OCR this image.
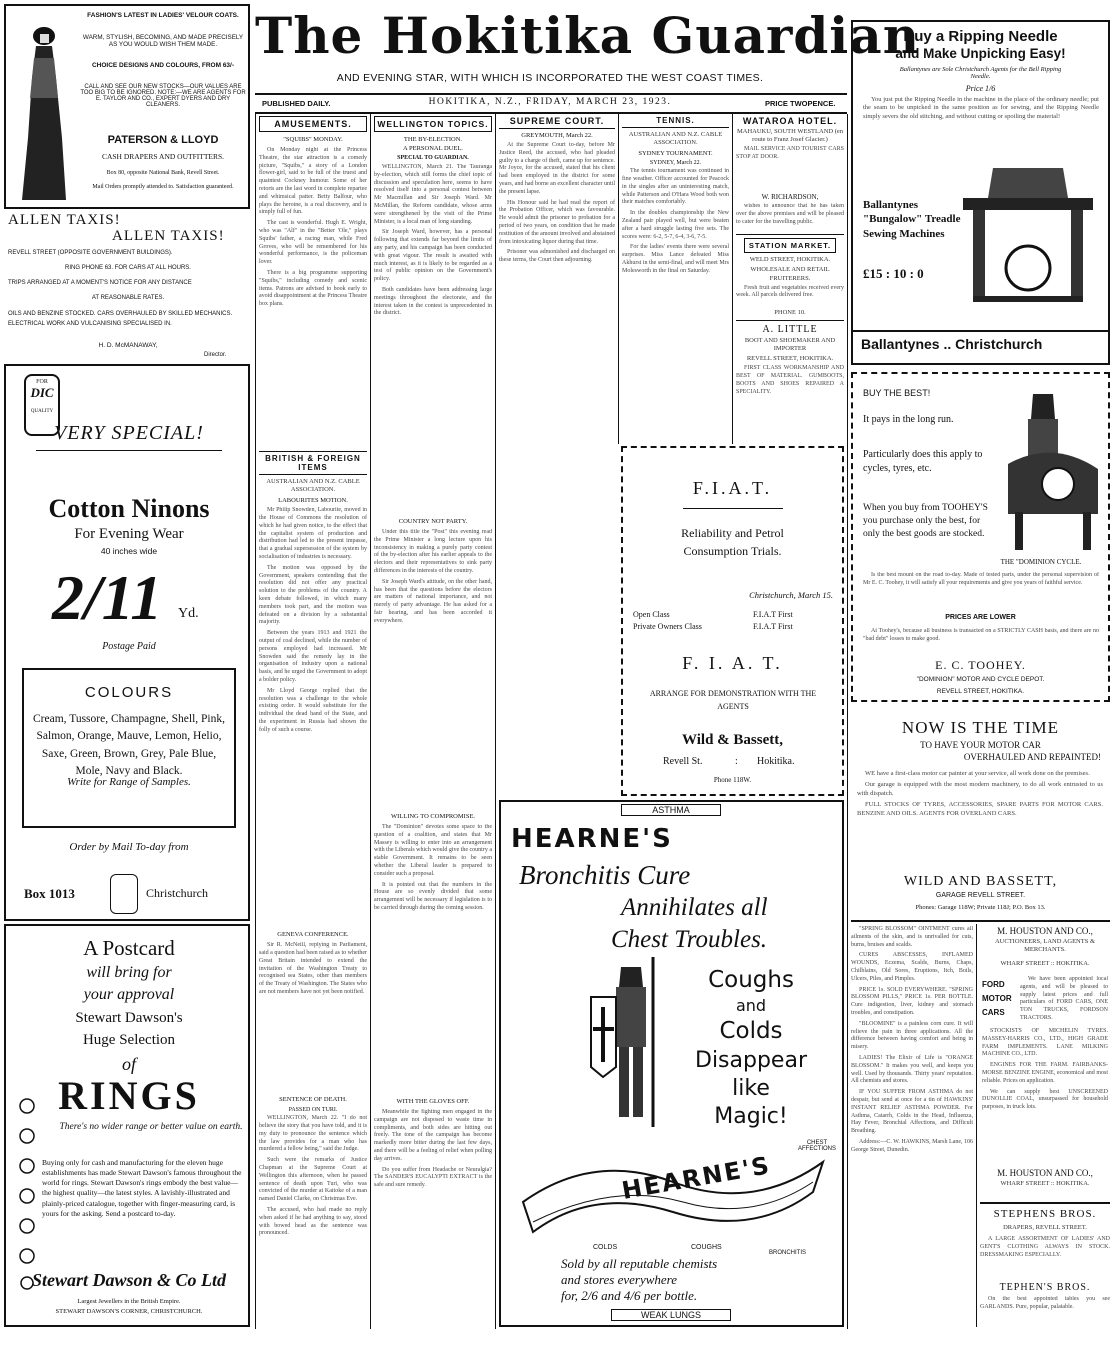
The Hokitika Guardian
AND EVENING STAR, WITH WHICH IS INCORPORATED THE WEST COAST TIMES.
PUBLISHED DAILY.	HOKITIKA, N.Z., FRIDAY, MARCH 23, 1923.	PRICE TWOPENCE.
FASHION'S LATEST IN LADIES' VELOUR COATS.
WARM, STYLISH, BECOMING, AND MADE PRECISELY AS YOU WOULD WISH THEM MADE.
CHOICE DESIGNS AND COLOURS, FROM 63/-
CALL AND SEE OUR NEW STOCKS—OUR VALUES ARE TOO BIG TO BE IGNORED. NOTE:—WE ARE AGENTS FOR E. TAYLOR AND CO., EXPERT DYERS AND DRY CLEANERS.
PATERSON & LLOYD
CASH DRAPERS AND OUTFITTERS.
Box 80, opposite National Bank, Revell Street.
Mail Orders promptly attended to. Satisfaction guaranteed.
ALLEN TAXIS!
ALLEN TAXIS!
REVELL STREET (OPPOSITE GOVERNMENT BUILDINGS).
RING PHONE 63. FOR CARS AT ALL HOURS.
TRIPS ARRANGED AT A MOMENT'S NOTICE FOR ANY DISTANCE
AT REASONABLE RATES.
OILS AND BENZINE STOCKED. CARS OVERHAULED BY SKILLED MECHANICS. ELECTRICAL WORK AND VULCANISING SPECIALISED IN.
H. D. McMANAWAY,
Director.
FOR
DIC
QUALITY
VERY SPECIAL!
Cotton Ninons
For Evening Wear
40 inches wide
2/11 Yd.
Postage Paid
COLOURS
Cream, Tussore, Champagne, Shell, Pink, Salmon, Orange, Mauve, Lemon, Helio, Saxe, Green, Brown, Grey, Pale Blue, Mole, Navy and Black.
Write for Range of Samples.
Order by Mail To-day from
Box 1013	Christchurch
A Postcard
will bring for
your approval
Stewart Dawson's
Huge Selection
of
RINGS
There's no wider range or better value on earth.
Buying only for cash and manufacturing for the eleven huge establishments has made Stewart Dawson's famous throughout the world for rings. Stewart Dawson's rings embody the best value—the highest quality—the latest styles. A lavishly-illustrated and plainly-priced catalogue, together with finger-measuring card, is yours for the asking. Send a postcard to-day.
Stewart Dawson & Co Ltd
Largest Jewellers in the British Empire.
STEWART DAWSON'S CORNER, CHRISTCHURCH.
AMUSEMENTS.
"SQUIBS" MONDAY.

On Monday night at the Princess Theatre, the star attraction is a comedy picture, "Squibs," a story of a London flower-girl, said to be full of the truest and quaintest Cockney humour. Some of her retorts are the last word in complete repartee and whimsical patter. Betty Balfour, who plays the heroine, is a real discovery, and is simply full of fun.

The cast is wonderful. Hugh E. Wright, who was "Alf" in the "Better 'Ole," plays Squibs' father, a racing man, while Fred Groves, who will be remembered for his wonderful performance, is the policeman lover.

There is a big programme supporting "Squibs," including comedy and scenic items. Patrons are advised to book early to avoid disappointment at the Princess Theatre box plans.

BRITISH & FOREIGN ITEMS
AUSTRALIAN AND N.Z. CABLE ASSOCIATION.
LABOURITES MOTION.

Mr Philip Snowden, Labourite, moved in the House of Commons the resolution of which he had given notice, to the effect that the capitalist system of production and distribution had led to the present impasse, that a gradual supersession of the system by socialisation of industries is necessary.

The motion was opposed by the Government, speakers contending that the resolution did not offer any practical solution to the problems of the country. A keen debate followed, in which many members took part, and the motion was defeated on a division by a substantial majority.

Between the years 1913 and 1921 the output of coal declined, while the number of persons employed had increased. Mr Snowden said the remedy lay in the organisation of industry upon a national basis, and he urged the Government to adopt a bolder policy.

Mr Lloyd George replied that the resolution was a challenge to the whole existing order. It would substitute for the individual the dead hand of the State, and the experiment in Russia had shown the folly of such a course.

GENEVA CONFERENCE.

Sir R. McNeill, replying in Parliament, said a question had been raised as to whether Great Britain intended to extend the invitation of the Washington Treaty to recognised sea States, other than members of the Treaty of Washington. The States who are not members have not yet been notified.

SENTENCE OF DEATH.
PASSED ON TURI.

WELLINGTON, March 22. "I do not believe the story that you have told, and it is my duty to pronounce the sentence which the law provides for a man who has murdered a fellow being," said the Judge.

Such were the remarks of Justice Chapman at the Supreme Court at Wellington this afternoon, when he passed sentence of death upon Turi, who was convicted of the murder at Kaitoke of a man named Daniel Clarke, on Christmas Eve.

The accused, who had made no reply when asked if he had anything to say, stood with bowed head as the sentence was pronounced.

WELLINGTON TOPICS.
THE BY-ELECTION.
A PERSONAL DUEL.
SPECIAL TO GUARDIAN.

WELLINGTON, March 21. The Tauranga by-election, which still forms the chief topic of discussion and speculation here, seems to have resolved itself into a personal contest between Mr Macmillan and Sir Joseph Ward. Mr McMillan, the Reform candidate, whose arms were strengthened by the visit of the Prime Minister, is a local man of long standing.

Sir Joseph Ward, however, has a personal following that extends far beyond the limits of any party, and his campaign has been conducted with great vigour. The result is awaited with much interest, as it is likely to be regarded as a test of public opinion on the Government's policy.

Both candidates have been addressing large meetings throughout the electorate, and the interest taken in the contest is unprecedented in the district.

COUNTRY NOT PARTY.

Under this title the "Post" this evening read the Prime Minister a long lecture upon his inconsistency in making a purely party contest of the by-election after his earlier appeals to the electors and their representatives to sink party differences in the interests of the country.

Sir Joseph Ward's attitude, on the other hand, has been that the questions before the electors are matters of national importance, and not merely of party advantage. He has asked for a fair hearing, and has been accorded it everywhere.

WILLING TO COMPROMISE.

The "Dominion" devotes some space to the question of a coalition, and states that Mr Massey is willing to enter into an arrangement with the Liberals which would give the country a stable Government. It remains to be seen whether the Liberal leader is prepared to consider such a proposal.

It is pointed out that the numbers in the House are so evenly divided that some arrangement will be necessary if legislation is to be carried through during the coming session.

WITH THE GLOVES OFF.

Meanwhile the fighting men engaged in the campaign are not disposed to waste time in compliments, and both sides are hitting out freely. The tone of the campaign has become markedly more bitter during the last few days, and there will be a feeling of relief when polling day arrives.

Do you suffer from Headache or Neuralgia? The SANDER'S EUCALYPTI EXTRACT is the safe and sure remedy.

SUPREME COURT.
GREYMOUTH, March 22.

At the Supreme Court to-day, before Mr Justice Reed, the accused, who had pleaded guilty to a charge of theft, came up for sentence. Mr Joyce, for the accused, stated that his client had been employed in the district for some years, and had borne an excellent character until the present lapse.

His Honour said he had read the report of the Probation Officer, which was favourable. He would admit the prisoner to probation for a period of two years, on condition that he made restitution of the amount involved and abstained from intoxicating liquor during that time.

Prisoner was admonished and discharged on these terms, the Court then adjourning.

TENNIS.
AUSTRALIAN AND N.Z. CABLE ASSOCIATION.
SYDNEY TOURNAMENT.
SYDNEY, March 22.

The tennis tournament was continued in fine weather. Officer accounted for Peacock in the singles after an uninteresting match, while Patterson and O'Hara Wood both won their matches comfortably.

In the doubles championship the New Zealand pair played well, but were beaten after a hard struggle lasting five sets. The scores were: 6-2, 5-7, 6-4, 3-6, 7-5.

For the ladies' events there were several surprises. Miss Lance defeated Miss Akhurst in the semi-final, and will meet Mrs Molesworth in the final on Saturday.

WATAROA HOTEL.
MAHAUKU, SOUTH WESTLAND (en route to Franz Josef Glacier.)

MAIL SERVICE AND TOURIST CARS STOP AT DOOR.

W. RICHARDSON,

wishes to announce that he has taken over the above premises and will be pleased to cater for the travelling public.

STATION MARKET.
WELD STREET, HOKITIKA.
WHOLESALE AND RETAIL FRUITERERS.

Fresh fruit and vegetables received every week. All parcels delivered free.

PHONE 10.
A. LITTLE
BOOT AND SHOEMAKER AND IMPORTER
REVELL STREET, HOKITIKA.

FIRST CLASS WORKMANSHIP AND BEST OF MATERIAL. GUMBOOTS, BOOTS AND SHOES REPAIRED A SPECIALITY.

F.I.A.T.
Reliability and Petrol
Consumption Trials.
Christchurch, March 15.
Open Class	F.I.A.T First
Private Owners Class	F.I.A.T First
F. I. A. T.
ARRANGE FOR DEMONSTRATION WITH THE AGENTS
Wild & Bassett,
Revell St.	: Hokitika.
Phone 118W.
ASTHMA
HEARNE'S
Bronchitis Cure
Annihilates all
Chest Troubles.
Coughs
and
Colds
Disappear
like
Magic!
HEARNE'S
COLDS	COUGHS
CHEST AFFECTIONS
BRONCHITIS
Sold by all reputable chemists
and stores everywhere
for, 2/6 and 4/6 per bottle.
WEAK LUNGS
Buy a Ripping Needle
and Make Unpicking Easy!
Ballantynes are Sole Christchurch Agents for the Bell Ripping Needle.
Price 1/6

You just put the Ripping Needle in the machine in the place of the ordinary needle; put the seam to be unpicked in the same position as for sewing, and the Ripping Needle simply severs the old stitching, and without cutting or spoiling the material!

Ballantynes "Bungalow" Treadle Sewing Machines
£15 : 10 : 0
Ballantynes .. Christchurch
BUY THE BEST!
It pays in the long run.
Particularly does this apply to cycles, tyres, etc.
When you buy from TOOHEY'S you purchase only the best, for only the best goods are stocked.
THE "DOMINION CYCLE.

Is the best mount on the road to-day. Made of tested parts, under the personal supervision of Mr E. C. Toohey, it will satisfy all your requirements and give you years of faithful service.

PRICES ARE LOWER

At Toohey's, because all business is transacted on a STRICTLY CASH basis, and there are no "bad debt" losses to make good.

E. C. TOOHEY.
"DOMINION" MOTOR AND CYCLE DEPOT.
REVELL STREET, HOKITIKA.
NOW IS THE TIME
TO HAVE YOUR MOTOR CAR
OVERHAULED AND REPAINTED!

WE have a first-class motor car painter at your service, all work done on the premises.

Our garage is equipped with the most modern machinery, to do all work entrusted to us with dispatch.

FULL STOCKS OF TYRES, ACCESSORIES, SPARE PARTS FOR MOTOR CARS. BENZINE AND OILS. AGENTS FOR OVERLAND CARS.

WILD AND BASSETT,
GARAGE REVELL STREET.
Phones: Garage 118W; Private 118J; P.O. Box 13.

"SPRING BLOSSOM" OINTMENT cures all ailments of the skin, and is unrivalled for cuts, burns, bruises and scalds.

CURES ABSCESSES, INFLAMED WOUNDS, Eczema, Scalds, Burns, Chaps, Chilblains, Old Sores, Eruptions, Itch, Boils, Ulcers, Piles, and Pimples.

PRICE 1s. SOLD EVERYWHERE. "SPRING BLOSSOM PILLS," PRICE 1s. PER BOTTLE. Cure indigestion, liver, kidney and stomach troubles, and constipation.

"BLOOMINE" is a painless corn cure. It will relieve the pain in three applications. All the difference between having comfort and being in misery.

LADIES! The Elixir of Life is "ORANGE BLOSSOM." It makes you well, and keeps you well. Used by thousands. Thirty years' reputation. All chemists and stores.

IF YOU SUFFER FROM ASTHMA do not despair, but send at once for a tin of HAWKINS' INSTANT RELIEF ASTHMA POWDER. For Asthma, Catarrh, Colds in the Head, Influenza, Hay Fever, Bronchial Affections, and Difficult Breathing.

Address:—C. W. HAWKINS, Marsh Lane, 106 George Street, Dunedin.

M. HOUSTON AND CO.,
AUCTIONEERS, LAND AGENTS & MERCHANTS.
WHARF STREET :: HOKITIKA.
FORD
MOTOR
CARS

We have been appointed local agents, and will be pleased to supply latest prices and full particulars of FORD CARS, ONE TON TRUCKS, FORDSON TRACTORS.

STOCKISTS OF MICHELIN TYRES. MASSEY-HARRIS CO., LTD., HIGH GRADE FARM IMPLEMENTS. LANE MILKING MACHINE CO., LTD.

ENGINES FOR THE FARM. FAIRBANKS-MORSE BENZINE ENGINE, economical and most reliable. Prices on application.

We can supply best UNSCREENED DUNOLLIE COAL, unsurpassed for household purposes, in truck lots.

M. HOUSTON AND CO.,
WHARF STREET :: HOKITIKA.
STEPHENS BROS.
DRAPERS, REVELL STREET.

A LARGE ASSORTMENT OF LADIES' AND GENT'S CLOTHING ALWAYS IN STOCK. DRESSMAKING ESPECIALLY.

TEPHEN'S BROS.

On the best appointed tables you see GARLANDS. Pure, popular, palatable.
